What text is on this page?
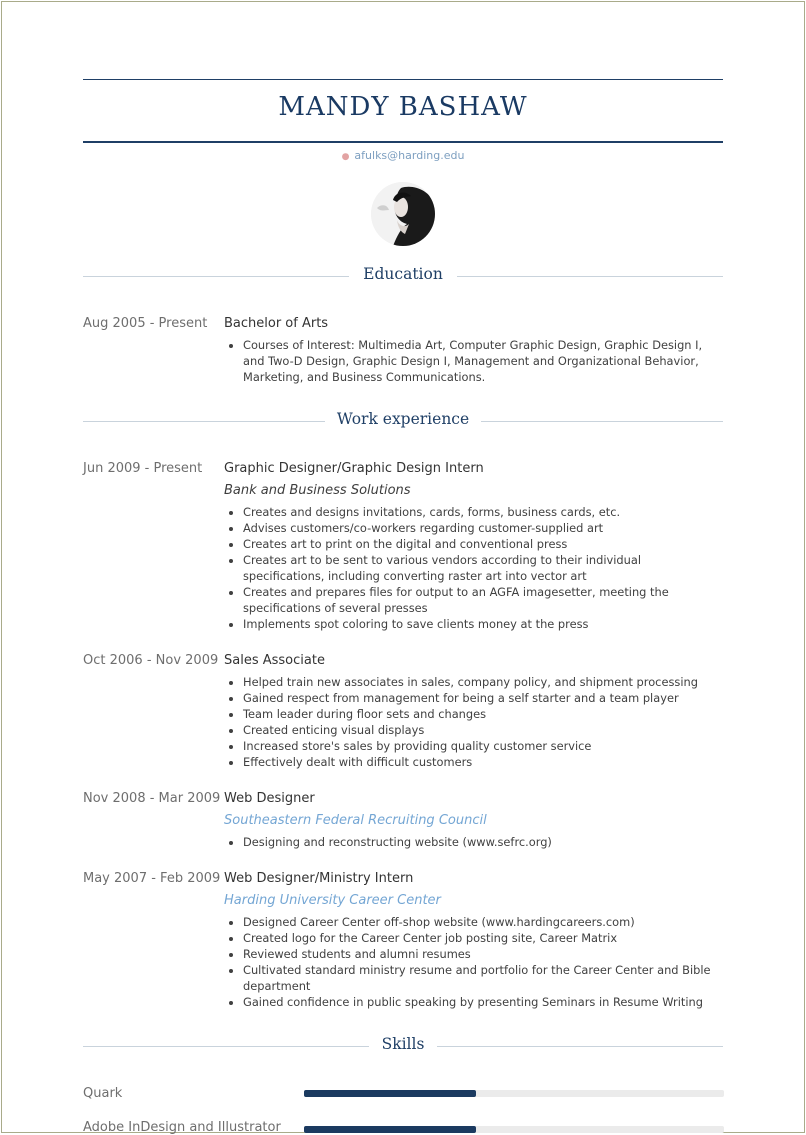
MANDY BASHAW
● afulks@harding.edu
Education
Aug 2005 - Present Bachelor of Arts
• Courses of Interest: Multimedia Art, Computer Graphic Design, Graphic Design I, and Two-D Design, Graphic Design I, Management and Organizational Behavior, Marketing, and Business Communications.
Work experience
Jun 2009 - Present Graphic Designer/Graphic Design Intern
Bank and Business Solutions
• Creates and designs invitations, cards, forms, business cards, etc.
• Advises customers/co-workers regarding customer-supplied art
• Creates art to print on the digital and conventional press
• Creates art to be sent to various vendors according to their individual specifications, including converting raster art into vector art
• Creates and prepares files for output to an AGFA imagesetter, meeting the specifications of several presses
• Implements spot coloring to save clients money at the press
Oct 2006 - Nov 2009 Sales Associate
• Helped train new associates in sales, company policy, and shipment processing
• Gained respect from management for being a self starter and a team player
• Team leader during floor sets and changes
• Created enticing visual displays
• Increased store's sales by providing quality customer service
• Effectively dealt with difficult customers
Nov 2008 - Mar 2009 Web Designer
Southeastern Federal Recruiting Council
• Designing and reconstructing website (www.sefrc.org)
May 2007 - Feb 2009 Web Designer/Ministry Intern
Harding University Career Center
• Designed Career Center off-shop website (www.hardingcareers.com)
• Created logo for the Career Center job posting site, Career Matrix
• Reviewed students and alumni resumes
• Cultivated standard ministry resume and portfolio for the Career Center and Bible department
• Gained confidence in public speaking by presenting Seminars in Resume Writing
Skills
Quark
Adobe InDesign and Illustrator
